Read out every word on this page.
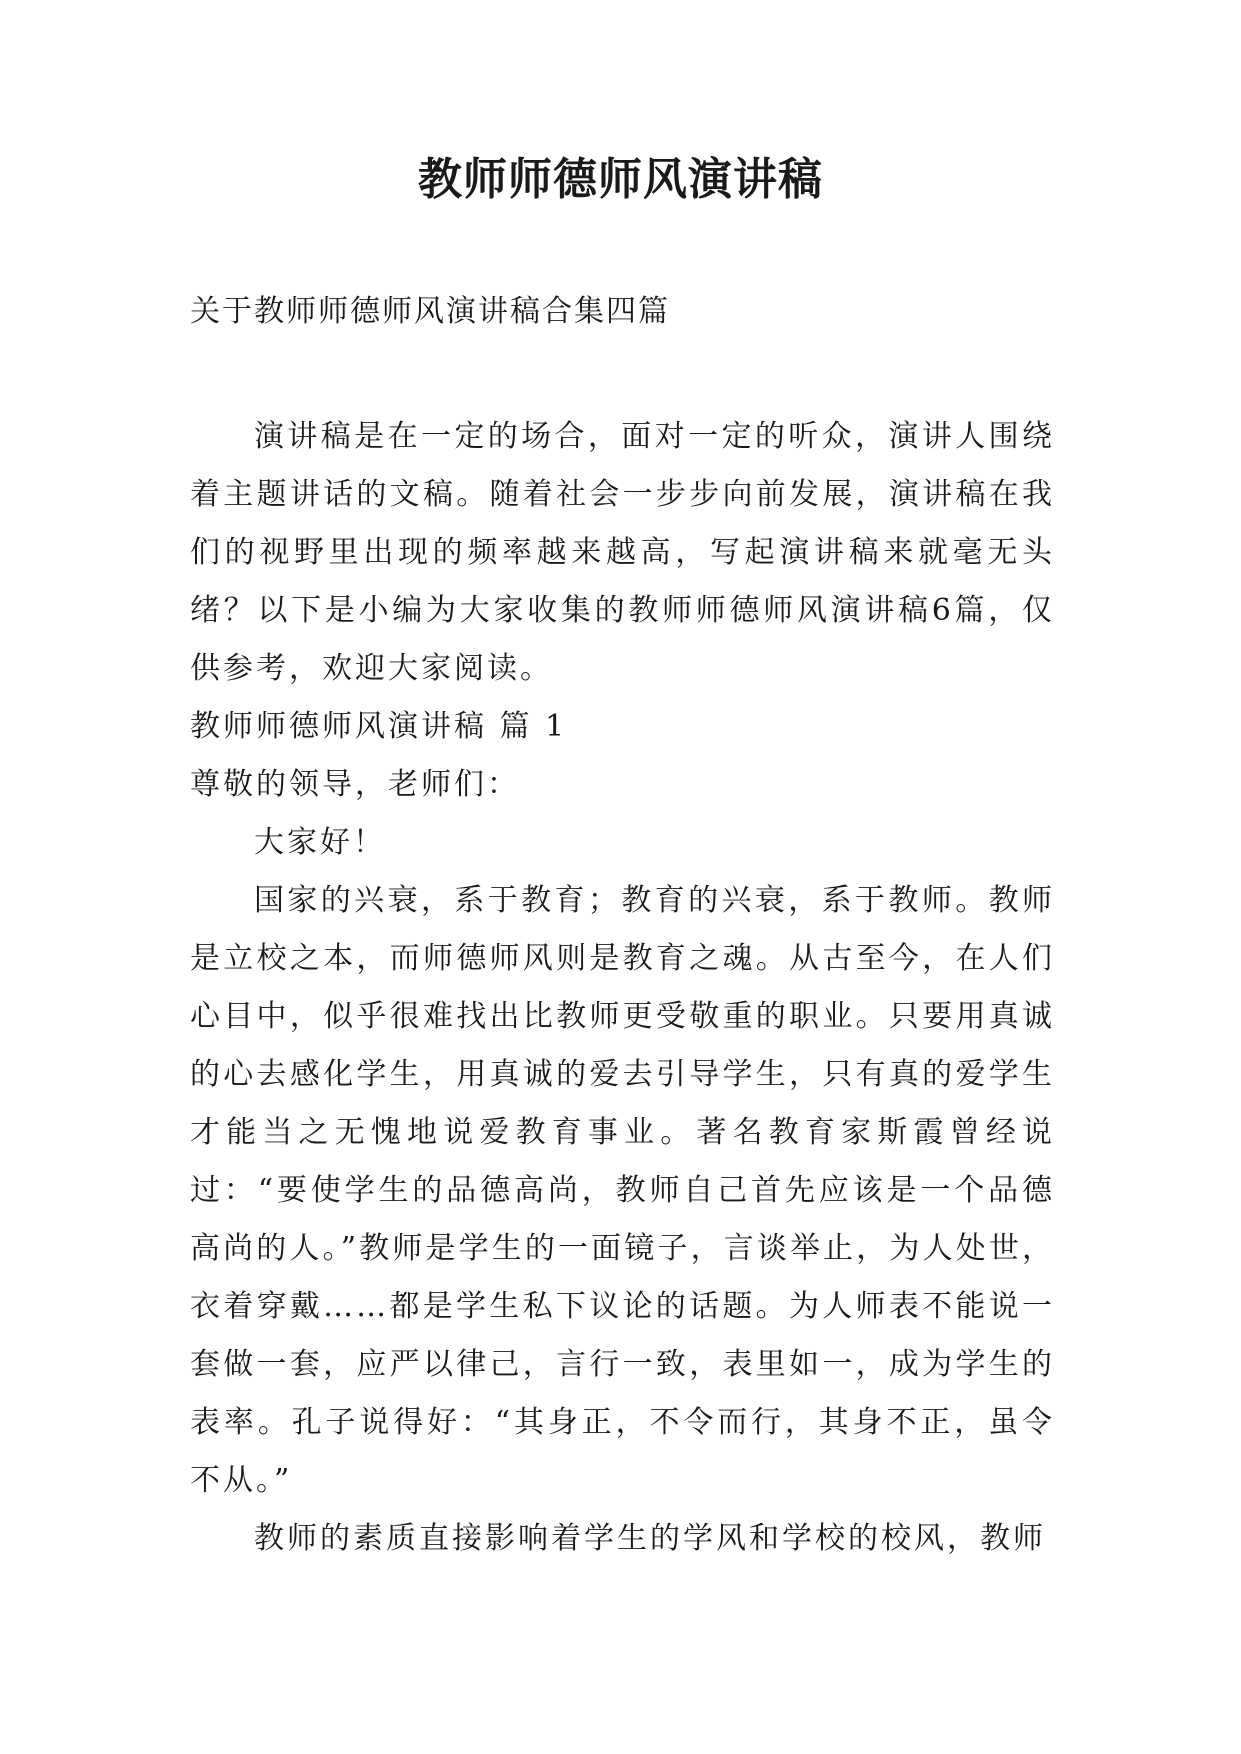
教师师德师风演讲稿
关于教师师德师风演讲稿合集四篇

演讲稿是在一定的场合，面对一定的听众，演讲人围绕着主题讲话的文稿。随着社会一步步向前发展，演讲稿在我们的视野里出现的频率越来越高，写起演讲稿来就毫无头绪？以下是小编为大家收集的教师师德师风演讲稿6篇，仅供参考，欢迎大家阅读。

教师师德师风演讲稿 篇 1

尊敬的领导，老师们：

大家好！

国家的兴衰，系于教育；教育的兴衰，系于教师。教师是立校之本，而师德师风则是教育之魂。从古至今，在人们心目中，似乎很难找出比教师更受敬重的职业。只要用真诚的心去感化学生，用真诚的爱去引导学生，只有真的爱学生才能当之无愧地说爱教育事业。著名教育家斯霞曾经说过：“要使学生的品德高尚，教师自己首先应该是一个品德高尚的人。”教师是学生的一面镜子，言谈举止，为人处世，衣着穿戴……都是学生私下议论的话题。为人师表不能说一套做一套，应严以律己，言行一致，表里如一，成为学生的表率。孔子说得好：“其身正，不令而行，其身不正，虽令不从。”

教师的素质直接影响着学生的学风和学校的校风，教师
